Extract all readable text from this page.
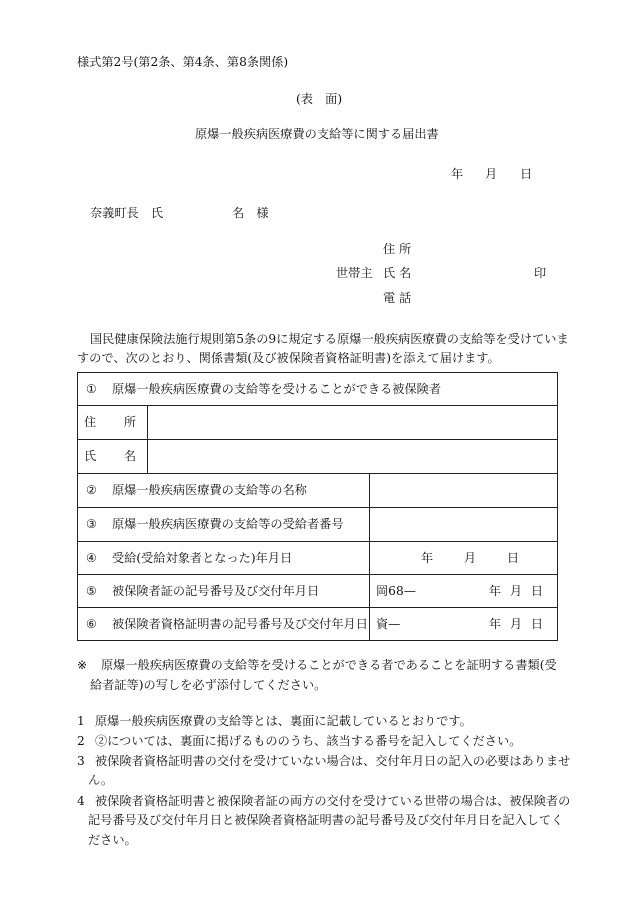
様式第2号(第2条、第4条、第8条関係)
(表　面)
原爆一般疾病医療費の支給等に関する届出書
年 月 日
奈義町長　氏	名　様
住 所
世帯主 氏 名	印
電 話
国民健康保険法施行規則第5条の9に規定する原爆一般疾病医療費の支給等を受けていま
すので、次のとおり、関係書類(及び被保険者資格証明書)を添えて届けます。
① 原爆一般疾病医療費の支給等を受けることができる被保険者		

住 所		

氏 名		

② 原爆一般疾病医療費の支給等の名称		
③ 原爆一般疾病医療費の支給等の受給者番号		
④ 受給(受給対象者となった)年月日		年 月 日

⑤ 被保険者証の記号番号及び交付年月日		岡68— 年 月 日

⑥ 被保険者資格証明書の記号番号及び交付年月日		資— 年 月 日
※ 原爆一般疾病医療費の支給等を受けることができる者であることを証明する書類(受
給者証等)の写しを必ず添付してください。
1 原爆一般疾病医療費の支給等とは、裏面に記載しているとおりです。
2 ②については、裏面に掲げるもののうち、該当する番号を記入してください。
3 被保険者資格証明書の交付を受けていない場合は、交付年月日の記入の必要はありませ
ん。
4 被保険者資格証明書と被保険者証の両方の交付を受けている世帯の場合は、被保険者の
記号番号及び交付年月日と被保険者資格証明書の記号番号及び交付年月日を記入してく
ださい。
